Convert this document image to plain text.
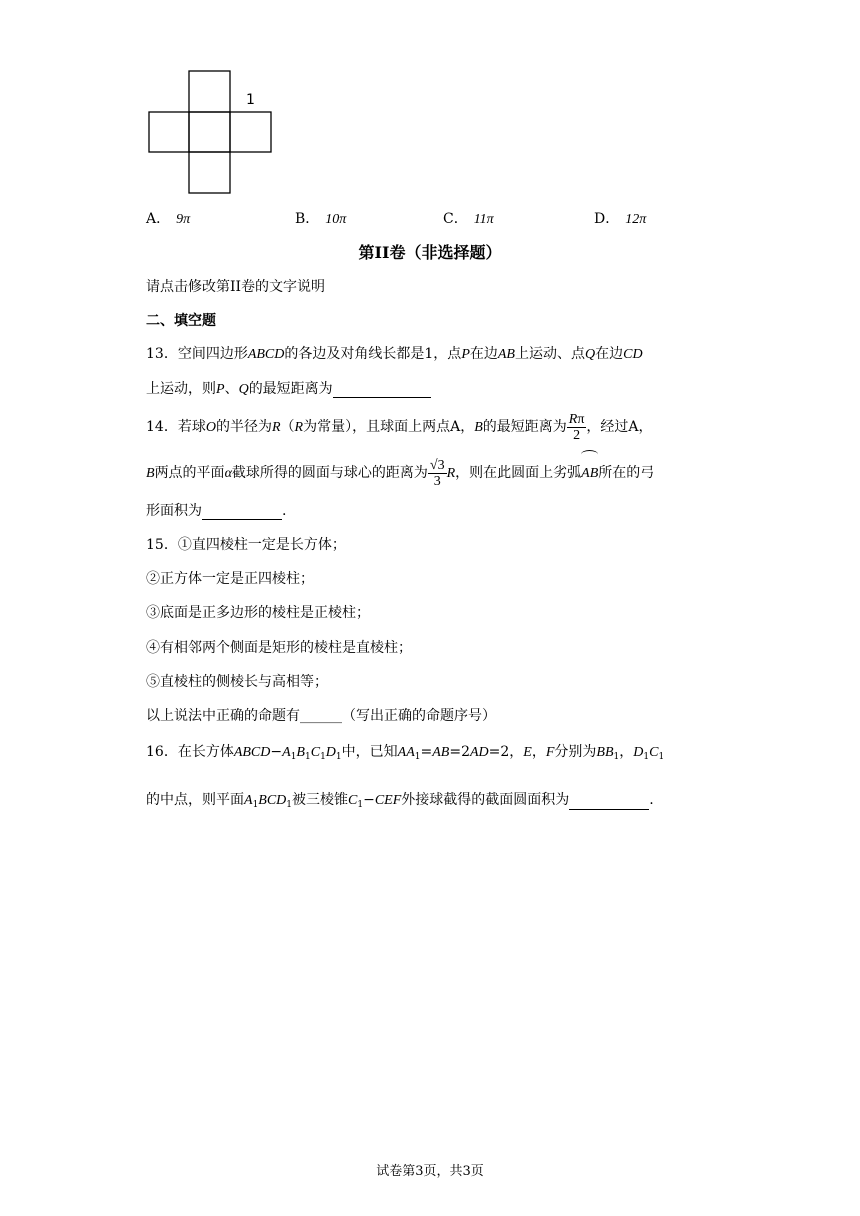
1
A． 9π	B． 10π	C． 11π	D． 12π
第II卷（非选择题）
请点击修改第II卷的文字说明
二、填空题
13．空间四边形ABCD的各边及对角线长都是1，点P在边AB上运动、点Q在边CD
上运动，则P、Q的最短距离为
14．若球O的半径为R（R为常量），且球面上两点A，B的最短距离为 $\frac{R\pi}{2}$ ，经过A，
B两点的平面α截球所得的圆面与球心的距离为 $\frac{√3}{3}$ R，则在此圆面上劣弧AB所在的弓
形面积为	.
15．①直四棱柱一定是长方体；
②正方体一定是正四棱柱；
③底面是正多边形的棱柱是正棱柱；
④有相邻两个侧面是矩形的棱柱是直棱柱；
⑤直棱柱的侧棱长与高相等；
以上说法中正确的命题有______（写出正确的命题序号）
16．在长方体$ABCD-A_1B_1C_1D_1$中，已知$AA_1=AB=2AD=2$，E，F分别为$BB_1$，$D_1C_1$
的中点，则平面$A_1BCD_1$被三棱锥$C_1-CEF$外接球截得的截面圆面积为	.
试卷第3页，共3页
